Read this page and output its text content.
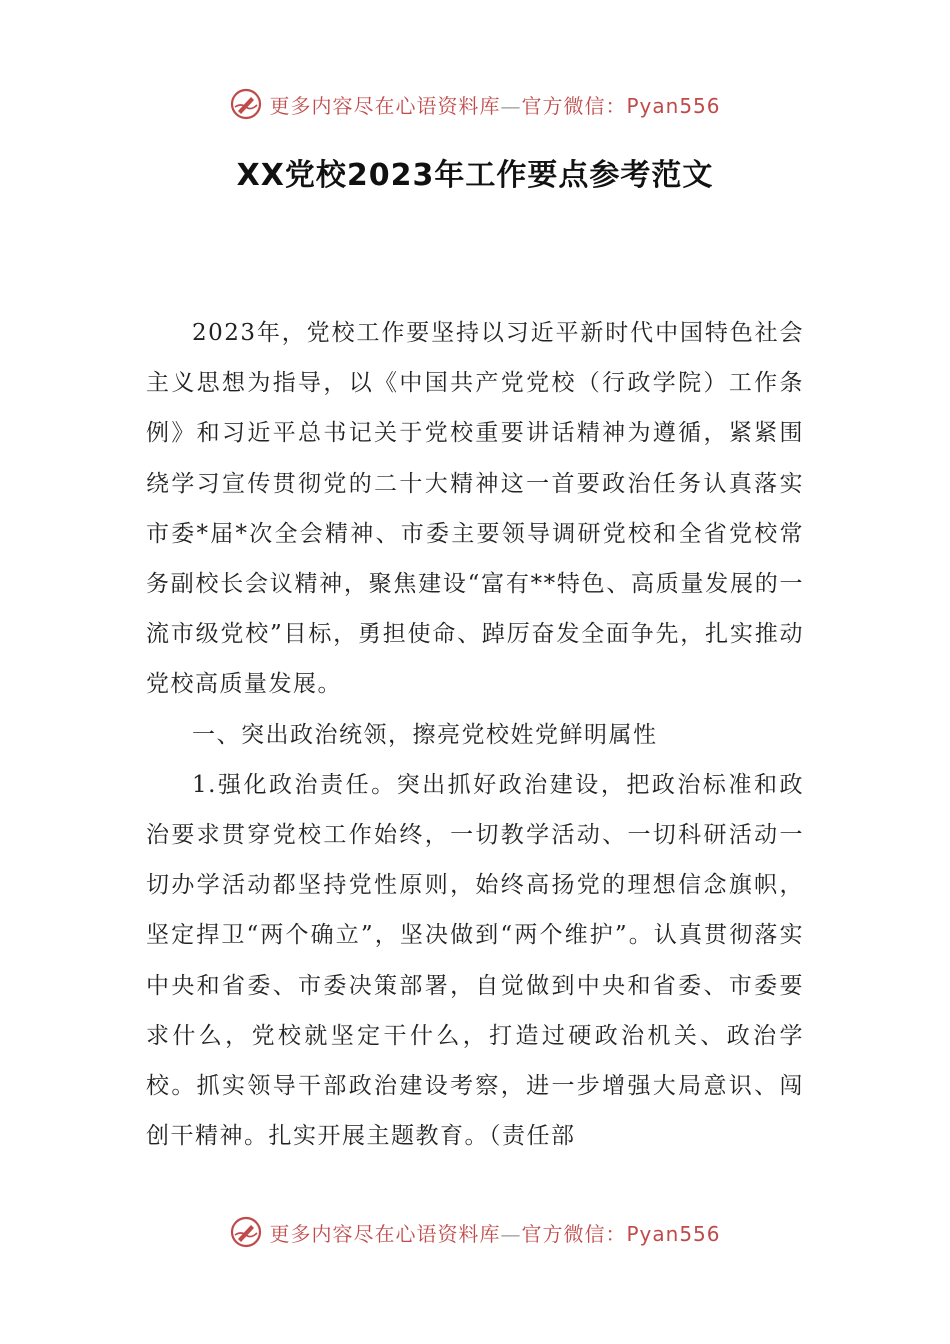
更多内容尽在心语资料库—官方微信：Pyan556
XX党校2023年工作要点参考范文

2023年，党校工作要坚持以习近平新时代中国特色社会主义思想为指导，以《中国共产党党校（行政学院）工作条例》和习近平总书记关于党校重要讲话精神为遵循，紧紧围绕学习宣传贯彻党的二十大精神这一首要政治任务认真落实市委*届*次全会精神、市委主要领导调研党校和全省党校常务副校长会议精神，聚焦建设“富有**特色、高质量发展的一流市级党校”目标，勇担使命、踔厉奋发全面争先，扎实推动党校高质量发展。

一、突出政治统领，擦亮党校姓党鲜明属性

1.强化政治责任。突出抓好政治建设，把政治标准和政治要求贯穿党校工作始终，一切教学活动、一切科研活动一切办学活动都坚持党性原则，始终高扬党的理想信念旗帜，坚定捍卫“两个确立”，坚决做到“两个维护”。认真贯彻落实中央和省委、市委决策部署，自觉做到中央和省委、市委要求什么，党校就坚定干什么，打造过硬政治机关、政治学校。抓实领导干部政治建设考察，进一步增强大局意识、闯创干精神。扎实开展主题教育。（责任部

更多内容尽在心语资料库—官方微信：Pyan556
